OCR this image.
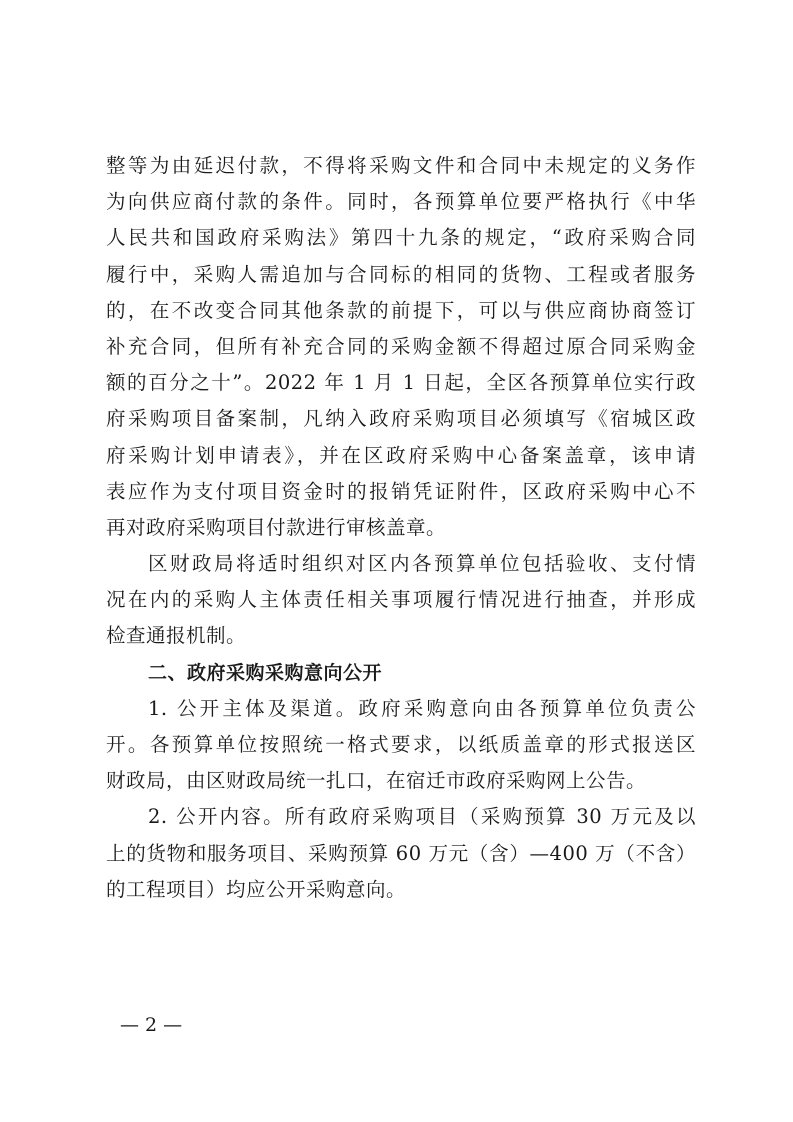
整等为由延迟付款，不得将采购文件和合同中未规定的义务作
为向供应商付款的条件。同时，各预算单位要严格执行《中华
人民共和国政府采购法》第四十九条的规定，“政府采购合同
履行中，采购人需追加与合同标的相同的货物、工程或者服务
的，在不改变合同其他条款的前提下，可以与供应商协商签订
补充合同，但所有补充合同的采购金额不得超过原合同采购金
额的百分之十”。2022 年 1 月 1 日起，全区各预算单位实行政
府采购项目备案制，凡纳入政府采购项目必须填写《宿城区政
府采购计划申请表》，并在区政府采购中心备案盖章，该申请
表应作为支付项目资金时的报销凭证附件，区政府采购中心不
再对政府采购项目付款进行审核盖章。
区财政局将适时组织对区内各预算单位包括验收、支付情
况在内的采购人主体责任相关事项履行情况进行抽查，并形成
检查通报机制。
二、政府采购采购意向公开
1. 公开主体及渠道。政府采购意向由各预算单位负责公
开。各预算单位按照统一格式要求，以纸质盖章的形式报送区
财政局，由区财政局统一扎口，在宿迁市政府采购网上公告。
2. 公开内容。所有政府采购项目（采购预算 30 万元及以
上的货物和服务项目、采购预算 60 万元（含）—400 万（不含）
的工程项目）均应公开采购意向。
— 2 —
